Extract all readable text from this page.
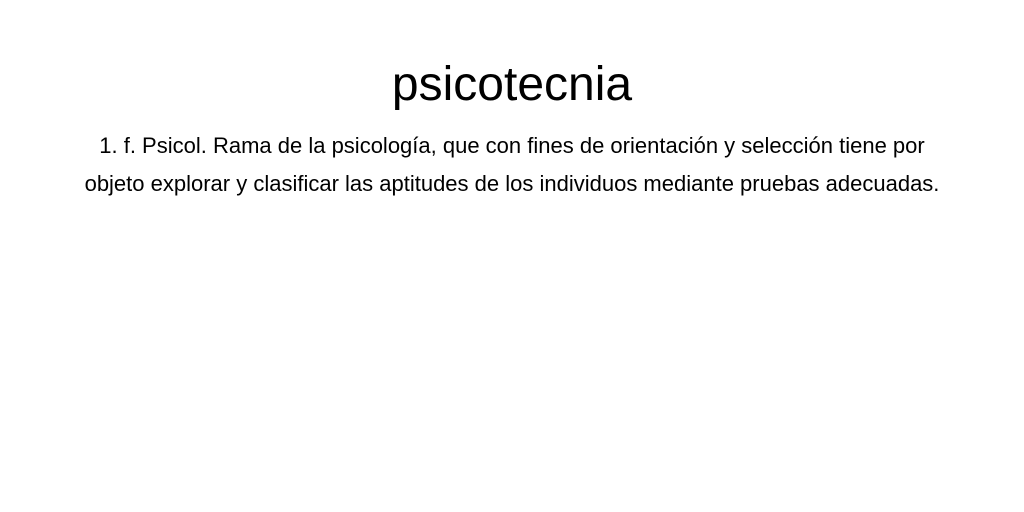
psicotecnia

1. f. Psicol. Rama de la psicología, que con fines de orientación y selección tiene por objeto explorar y clasificar las aptitudes de los individuos mediante pruebas adecuadas.
